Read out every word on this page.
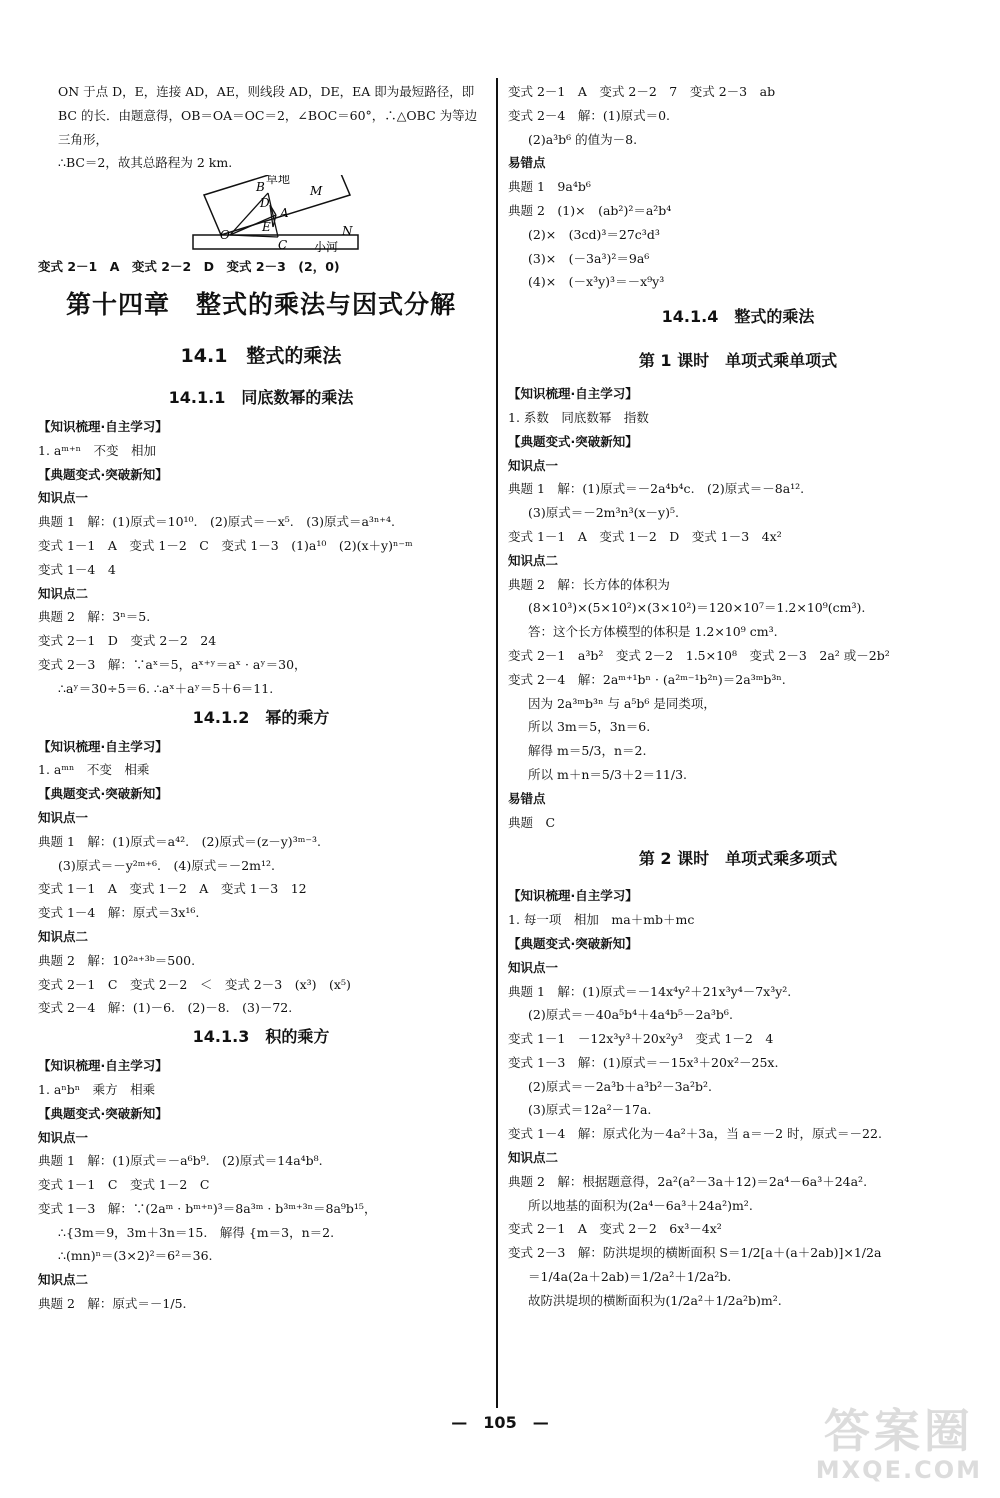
ON 于点 D，E，连接 AD，AE，则线段 AD，DE，EA 即为最短路径，即
BC 的长．由题意得，OB＝OA＝OC＝2，∠BOC＝60°，∴△OBC 为等边
三角形，
∴BC＝2，故其总路程为 2 km.
草地
小河
M
N
O
B
D
A
E
C
变式 2－1　A　变式 2－2　D　变式 2－3　(2，0)
第十四章　整式的乘法与因式分解
14.1　整式的乘法
14.1.1　同底数幂的乘法
【知识梳理·自主学习】
1. aᵐ⁺ⁿ　不变　相加
【典题变式·突破新知】
知识点一
典题 1　解：(1)原式＝10¹⁰.　(2)原式＝－x⁵.　(3)原式＝a³ⁿ⁺⁴.
变式 1－1　A　变式 1－2　C　变式 1－3　(1)a¹⁰　(2)(x＋y)ⁿ⁻ᵐ
变式 1－4　4
知识点二
典题 2　解：3ⁿ＝5.
变式 2－1　D　变式 2－2　24
变式 2－3　解：∵aˣ＝5，aˣ⁺ʸ＝aˣ · aʸ＝30，
∴aʸ＝30÷5＝6. ∴aˣ＋aʸ＝5＋6＝11.
14.1.2　幂的乘方
【知识梳理·自主学习】
1. aᵐⁿ　不变　相乘
【典题变式·突破新知】
知识点一
典题 1　解：(1)原式＝a⁴².　(2)原式＝(z－y)³ᵐ⁻³.
(3)原式＝－y²ᵐ⁺⁶.　(4)原式＝－2m¹².
变式 1－1　A　变式 1－2　A　变式 1－3　12
变式 1－4　解：原式＝3x¹⁶.
知识点二
典题 2　解：10²ᵃ⁺³ᵇ＝500.
变式 2－1　C　变式 2－2　＜　变式 2－3　(x³)　(x⁵)
变式 2－4　解：(1)－6.　(2)－8.　(3)－72.
14.1.3　积的乘方
【知识梳理·自主学习】
1. aⁿbⁿ　乘方　相乘
【典题变式·突破新知】
知识点一
典题 1　解：(1)原式＝－a⁶b⁹.　(2)原式＝14a⁴b⁸.
变式 1－1　C　变式 1－2　C
变式 1－3　解：∵(2aᵐ · bᵐ⁺ⁿ)³＝8a³ᵐ · b³ᵐ⁺³ⁿ＝8a⁹b¹⁵，
∴{3m＝9，3m＋3n＝15.　解得 {m＝3，n＝2.
∴(mn)ⁿ＝(3×2)²＝6²＝36.
知识点二
典题 2　解：原式＝－1/5.
变式 2－1　A　变式 2－2　7　变式 2－3　ab
变式 2－4　解：(1)原式＝0.
(2)a³b⁶ 的值为－8.
易错点
典题 1　9a⁴b⁶
典题 2　(1)×　(ab²)²＝a²b⁴
(2)×　(3cd)³＝27c³d³
(3)×　(－3a³)²＝9a⁶
(4)×　(－x³y)³＝－x⁹y³
14.1.4　整式的乘法
第 1 课时　单项式乘单项式
【知识梳理·自主学习】
1. 系数　同底数幂　指数
【典题变式·突破新知】
知识点一
典题 1　解：(1)原式＝－2a⁴b⁴c.　(2)原式＝－8a¹².
(3)原式＝－2m³n³(x－y)⁵.
变式 1－1　A　变式 1－2　D　变式 1－3　4x²
知识点二
典题 2　解：长方体的体积为
(8×10³)×(5×10²)×(3×10²)＝120×10⁷＝1.2×10⁹(cm³).
答：这个长方体模型的体积是 1.2×10⁹ cm³.
变式 2－1　a³b²　变式 2－2　1.5×10⁸　变式 2－3　2a² 或－2b²
变式 2－4　解：2aᵐ⁺¹bⁿ · (a²ᵐ⁻¹b²ⁿ)＝2a³ᵐb³ⁿ.
因为 2a³ᵐb³ⁿ 与 a⁵b⁶ 是同类项，
所以 3m＝5，3n＝6.
解得 m＝5/3，n＝2.
所以 m＋n＝5/3＋2＝11/3.
易错点
典题　C
第 2 课时　单项式乘多项式
【知识梳理·自主学习】
1. 每一项　相加　ma＋mb＋mc
【典题变式·突破新知】
知识点一
典题 1　解：(1)原式＝－14x⁴y²＋21x³y⁴－7x³y².
(2)原式＝－40a⁵b⁴＋4a⁴b⁵－2a³b⁶.
变式 1－1　－12x³y³＋20x²y³　变式 1－2　4
变式 1－3　解：(1)原式＝－15x³＋20x²－25x.
(2)原式＝－2a³b＋a³b²－3a²b².
(3)原式＝12a²－17a.
变式 1－4　解：原式化为－4a²＋3a，当 a＝－2 时，原式＝－22.
知识点二
典题 2　解：根据题意得，2a²(a²－3a＋12)＝2a⁴－6a³＋24a².
所以地基的面积为(2a⁴－6a³＋24a²)m².
变式 2－1　A　变式 2－2　6x³－4x²
变式 2－3　解：防洪堤坝的横断面积 S＝1/2[a＋(a＋2ab)]×1/2a
＝1/4a(2a＋2ab)＝1/2a²＋1/2a²b.
故防洪堤坝的横断面积为(1/2a²＋1/2a²b)m².
—　105　—	答案圈
MXQE.COM
